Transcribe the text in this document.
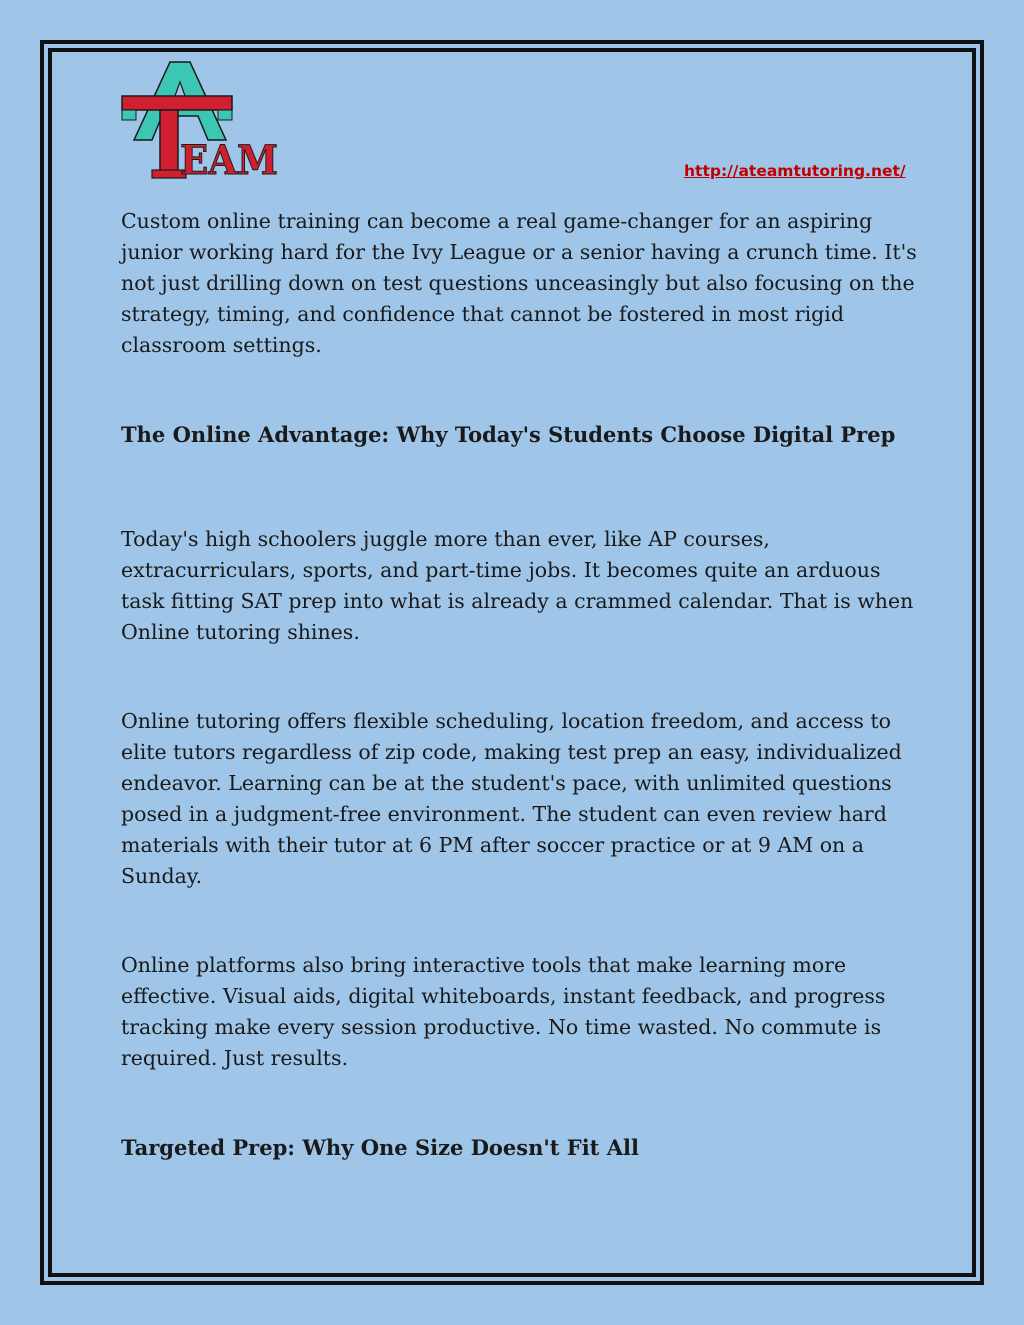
EAM	http://ateamtutoring.net/

Custom online training can become a real game-changer for an aspiring junior working hard for the Ivy League or a senior having a crunch time. It's not just drilling down on test questions unceasingly but also focusing on the strategy, timing, and confidence that cannot be fostered in most rigid classroom settings.

The Online Advantage: Why Today's Students Choose Digital Prep

Today's high schoolers juggle more than ever, like AP courses, extracurriculars, sports, and part-time jobs. It becomes quite an arduous task fitting SAT prep into what is already a crammed calendar. That is when Online tutoring shines.

Online tutoring offers flexible scheduling, location freedom, and access to elite tutors regardless of zip code, making test prep an easy, individualized endeavor. Learning can be at the student's pace, with unlimited questions posed in a judgment-free environment. The student can even review hard materials with their tutor at 6 PM after soccer practice or at 9 AM on a Sunday.

Online platforms also bring interactive tools that make learning more effective. Visual aids, digital whiteboards, instant feedback, and progress tracking make every session productive. No time wasted. No commute is required. Just results.

Targeted Prep: Why One Size Doesn't Fit All
